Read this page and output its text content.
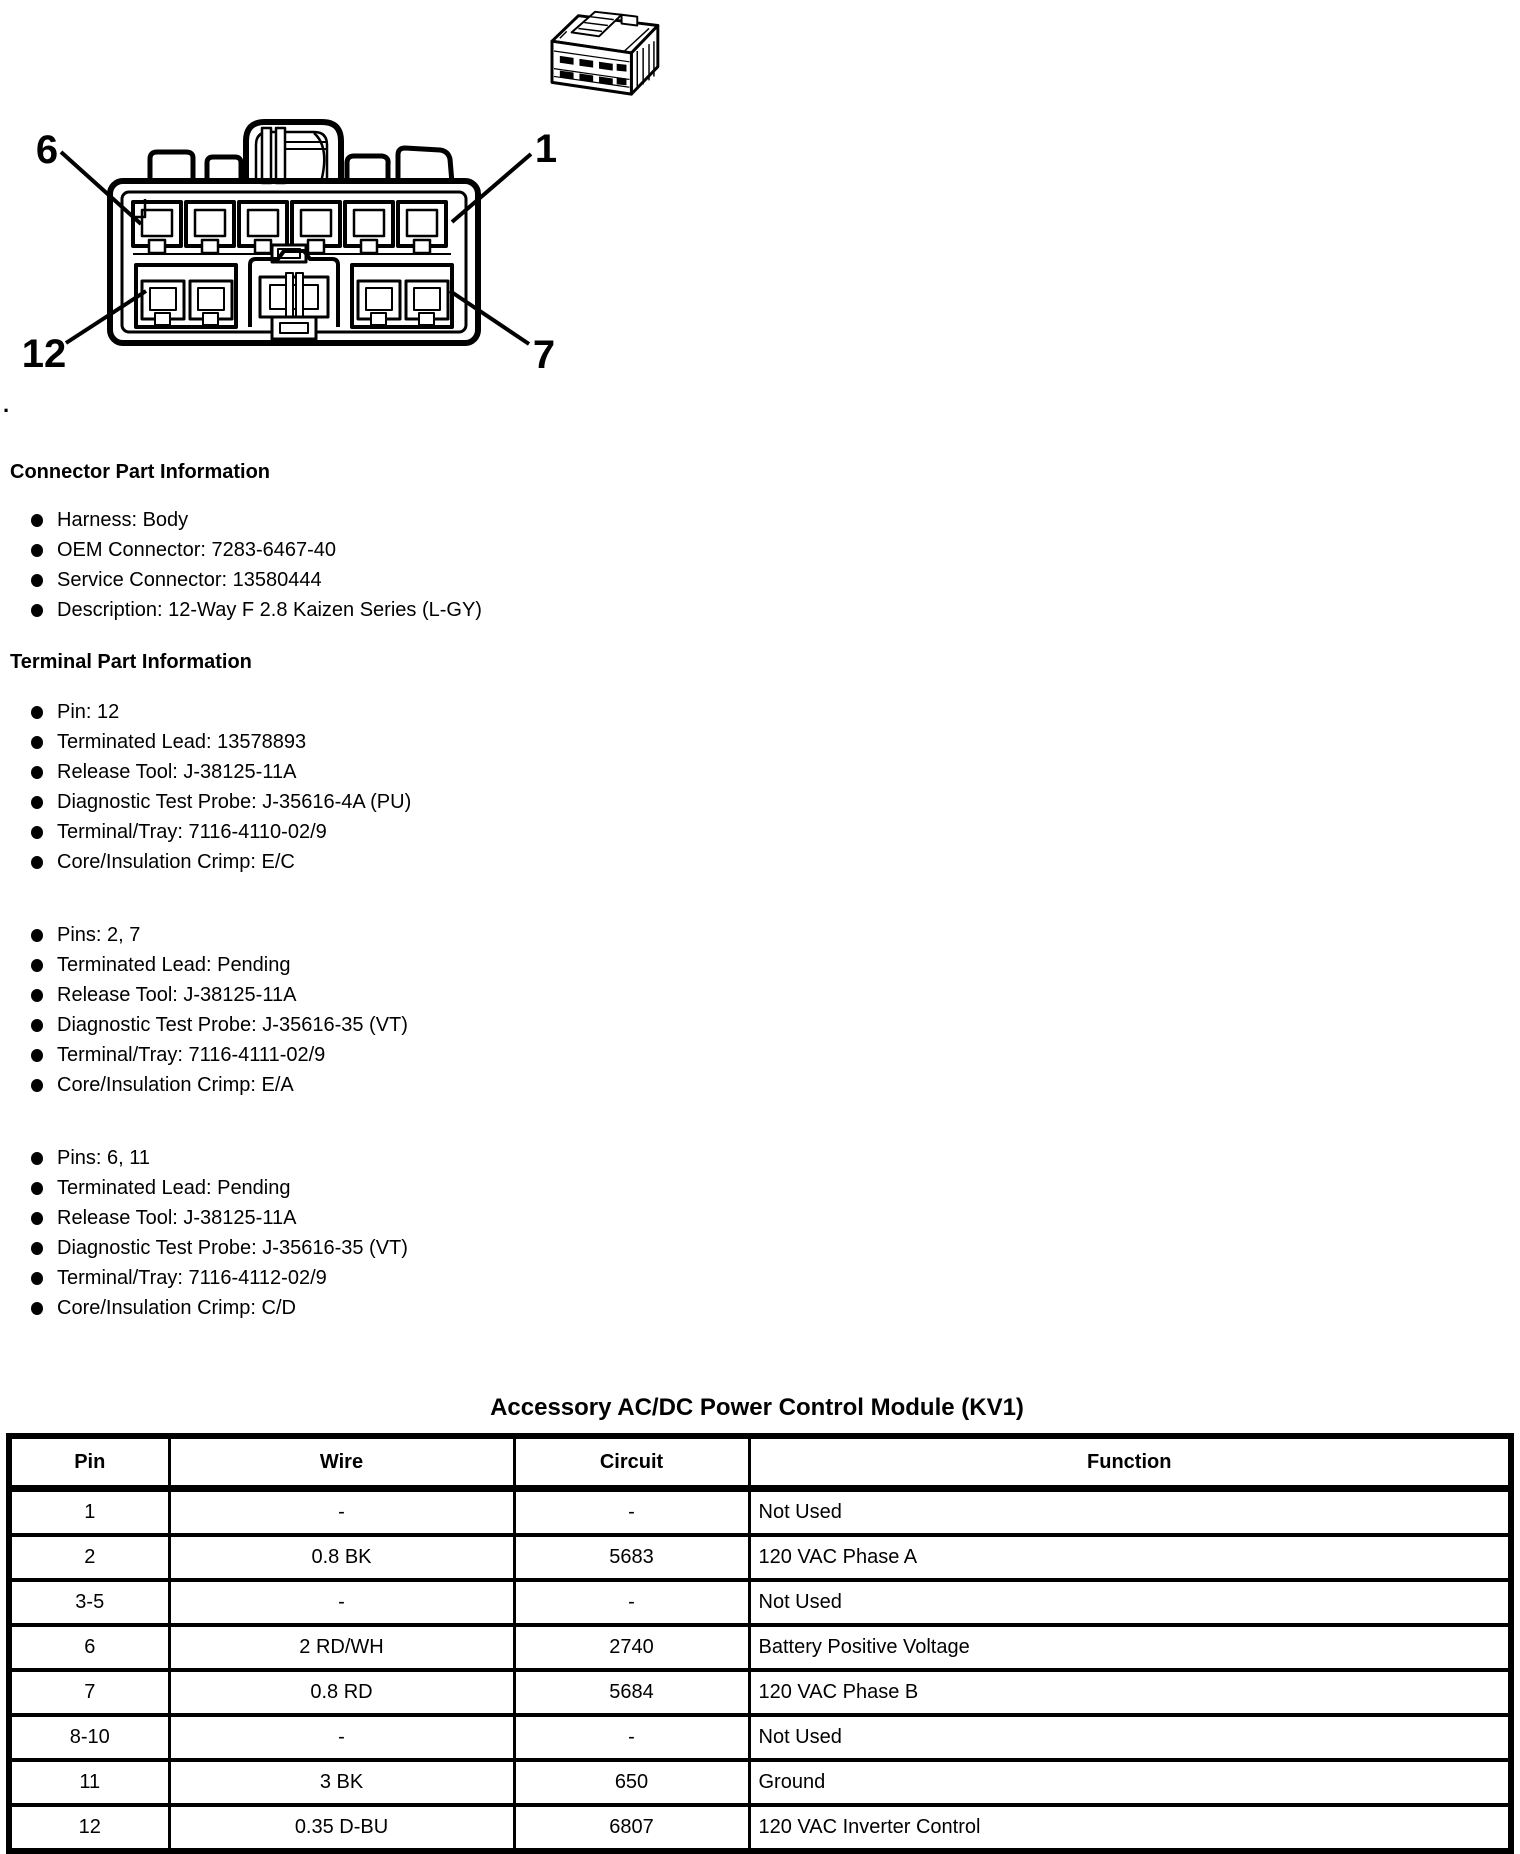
6	1
12	7
.
Connector Part Information
Harness: Body
OEM Connector: 7283-6467-40
Service Connector: 13580444
Description: 12-Way F 2.8 Kaizen Series (L-GY)
Terminal Part Information
Pin: 12
Terminated Lead: 13578893
Release Tool: J-38125-11A
Diagnostic Test Probe: J-35616-4A (PU)
Terminal/Tray: 7116-4110-02/9
Core/Insulation Crimp: E/C
Pins: 2, 7
Terminated Lead: Pending
Release Tool: J-38125-11A
Diagnostic Test Probe: J-35616-35 (VT)
Terminal/Tray: 7116-4111-02/9
Core/Insulation Crimp: E/A
Pins: 6, 11
Terminated Lead: Pending
Release Tool: J-38125-11A
Diagnostic Test Probe: J-35616-35 (VT)
Terminal/Tray: 7116-4112-02/9
Core/Insulation Crimp: C/D
Accessory AC/DC Power Control Module (KV1)
Pin	Wire	Circuit	Function
1	-	-	Not Used
2	0.8 BK	5683	120 VAC Phase A
3-5	-	-	Not Used
6	2 RD/WH	2740	Battery Positive Voltage
7	0.8 RD	5684	120 VAC Phase B
8-10	-	-	Not Used
11	3 BK	650	Ground
12	0.35 D-BU	6807	120 VAC Inverter Control
